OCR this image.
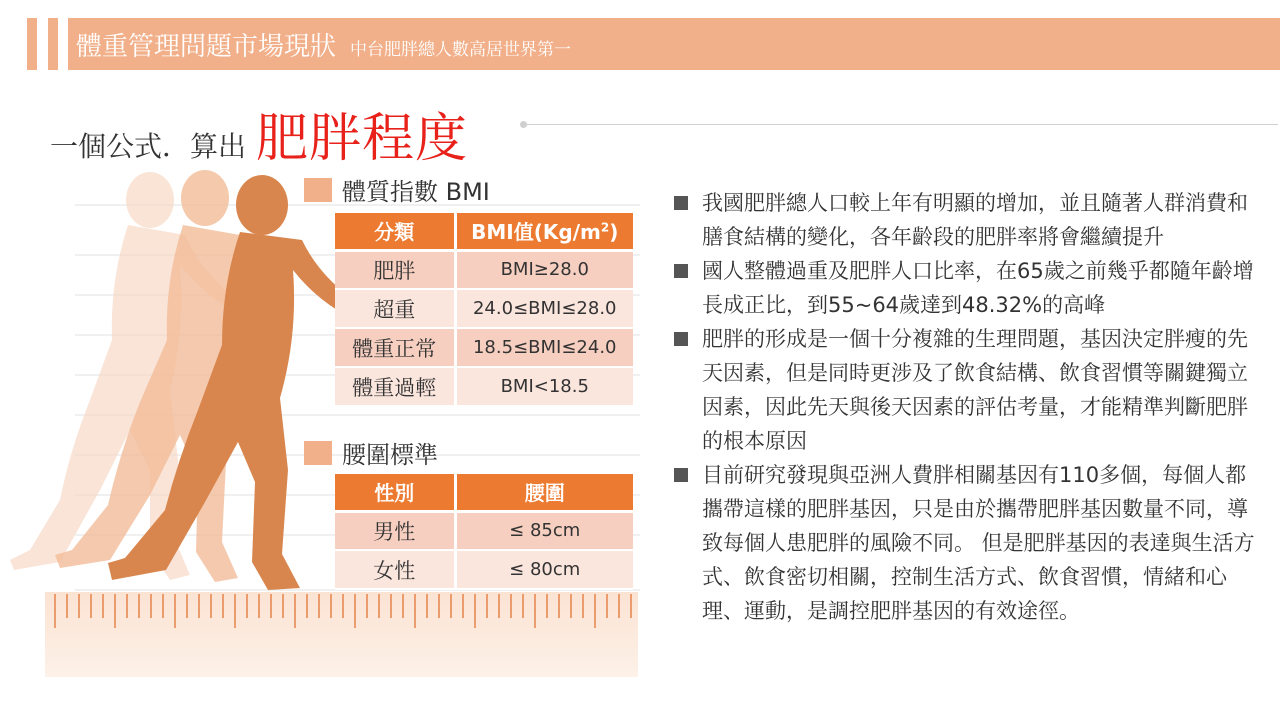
體重管理問題市場現狀 中台肥胖總人數高居世界第一
一個公式．算出 肥胖程度
體質指數 BMI
分類	BMI值$(Kg/m^2)$
肥胖	BMI≥28.0
超重	24.0≤BMI≤28.0
體重正常	18.5≤BMI≤24.0
體重過輕	BMI<18.5
腰圍標準
性別	腰圍
男性	≤ 85cm
女性	≤ 80cm
我國肥胖總人口較上年有明顯的增加，並且隨著人群消費和膳食結構的變化，各年齡段的肥胖率將會繼續提升
國人整體過重及肥胖人口比率，在65歲之前幾乎都隨年齡增長成正比，到55~64歲達到48.32%的高峰
肥胖的形成是一個十分複雜的生理問題，基因決定胖瘦的先天因素，但是同時更涉及了飲食結構、飲食習慣等關鍵獨立因素，因此先天與後天因素的評估考量，才能精準判斷肥胖的根本原因
目前研究發現與亞洲人費胖相關基因有110多個，每個人都攜帶這樣的肥胖基因，只是由於攜帶肥胖基因數量不同，導致每個人患肥胖的風險不同。 但是肥胖基因的表達與生活方式、飲食密切相關，控制生活方式、飲食習慣，情緒和心理、運動，是調控肥胖基因的有效途徑。
